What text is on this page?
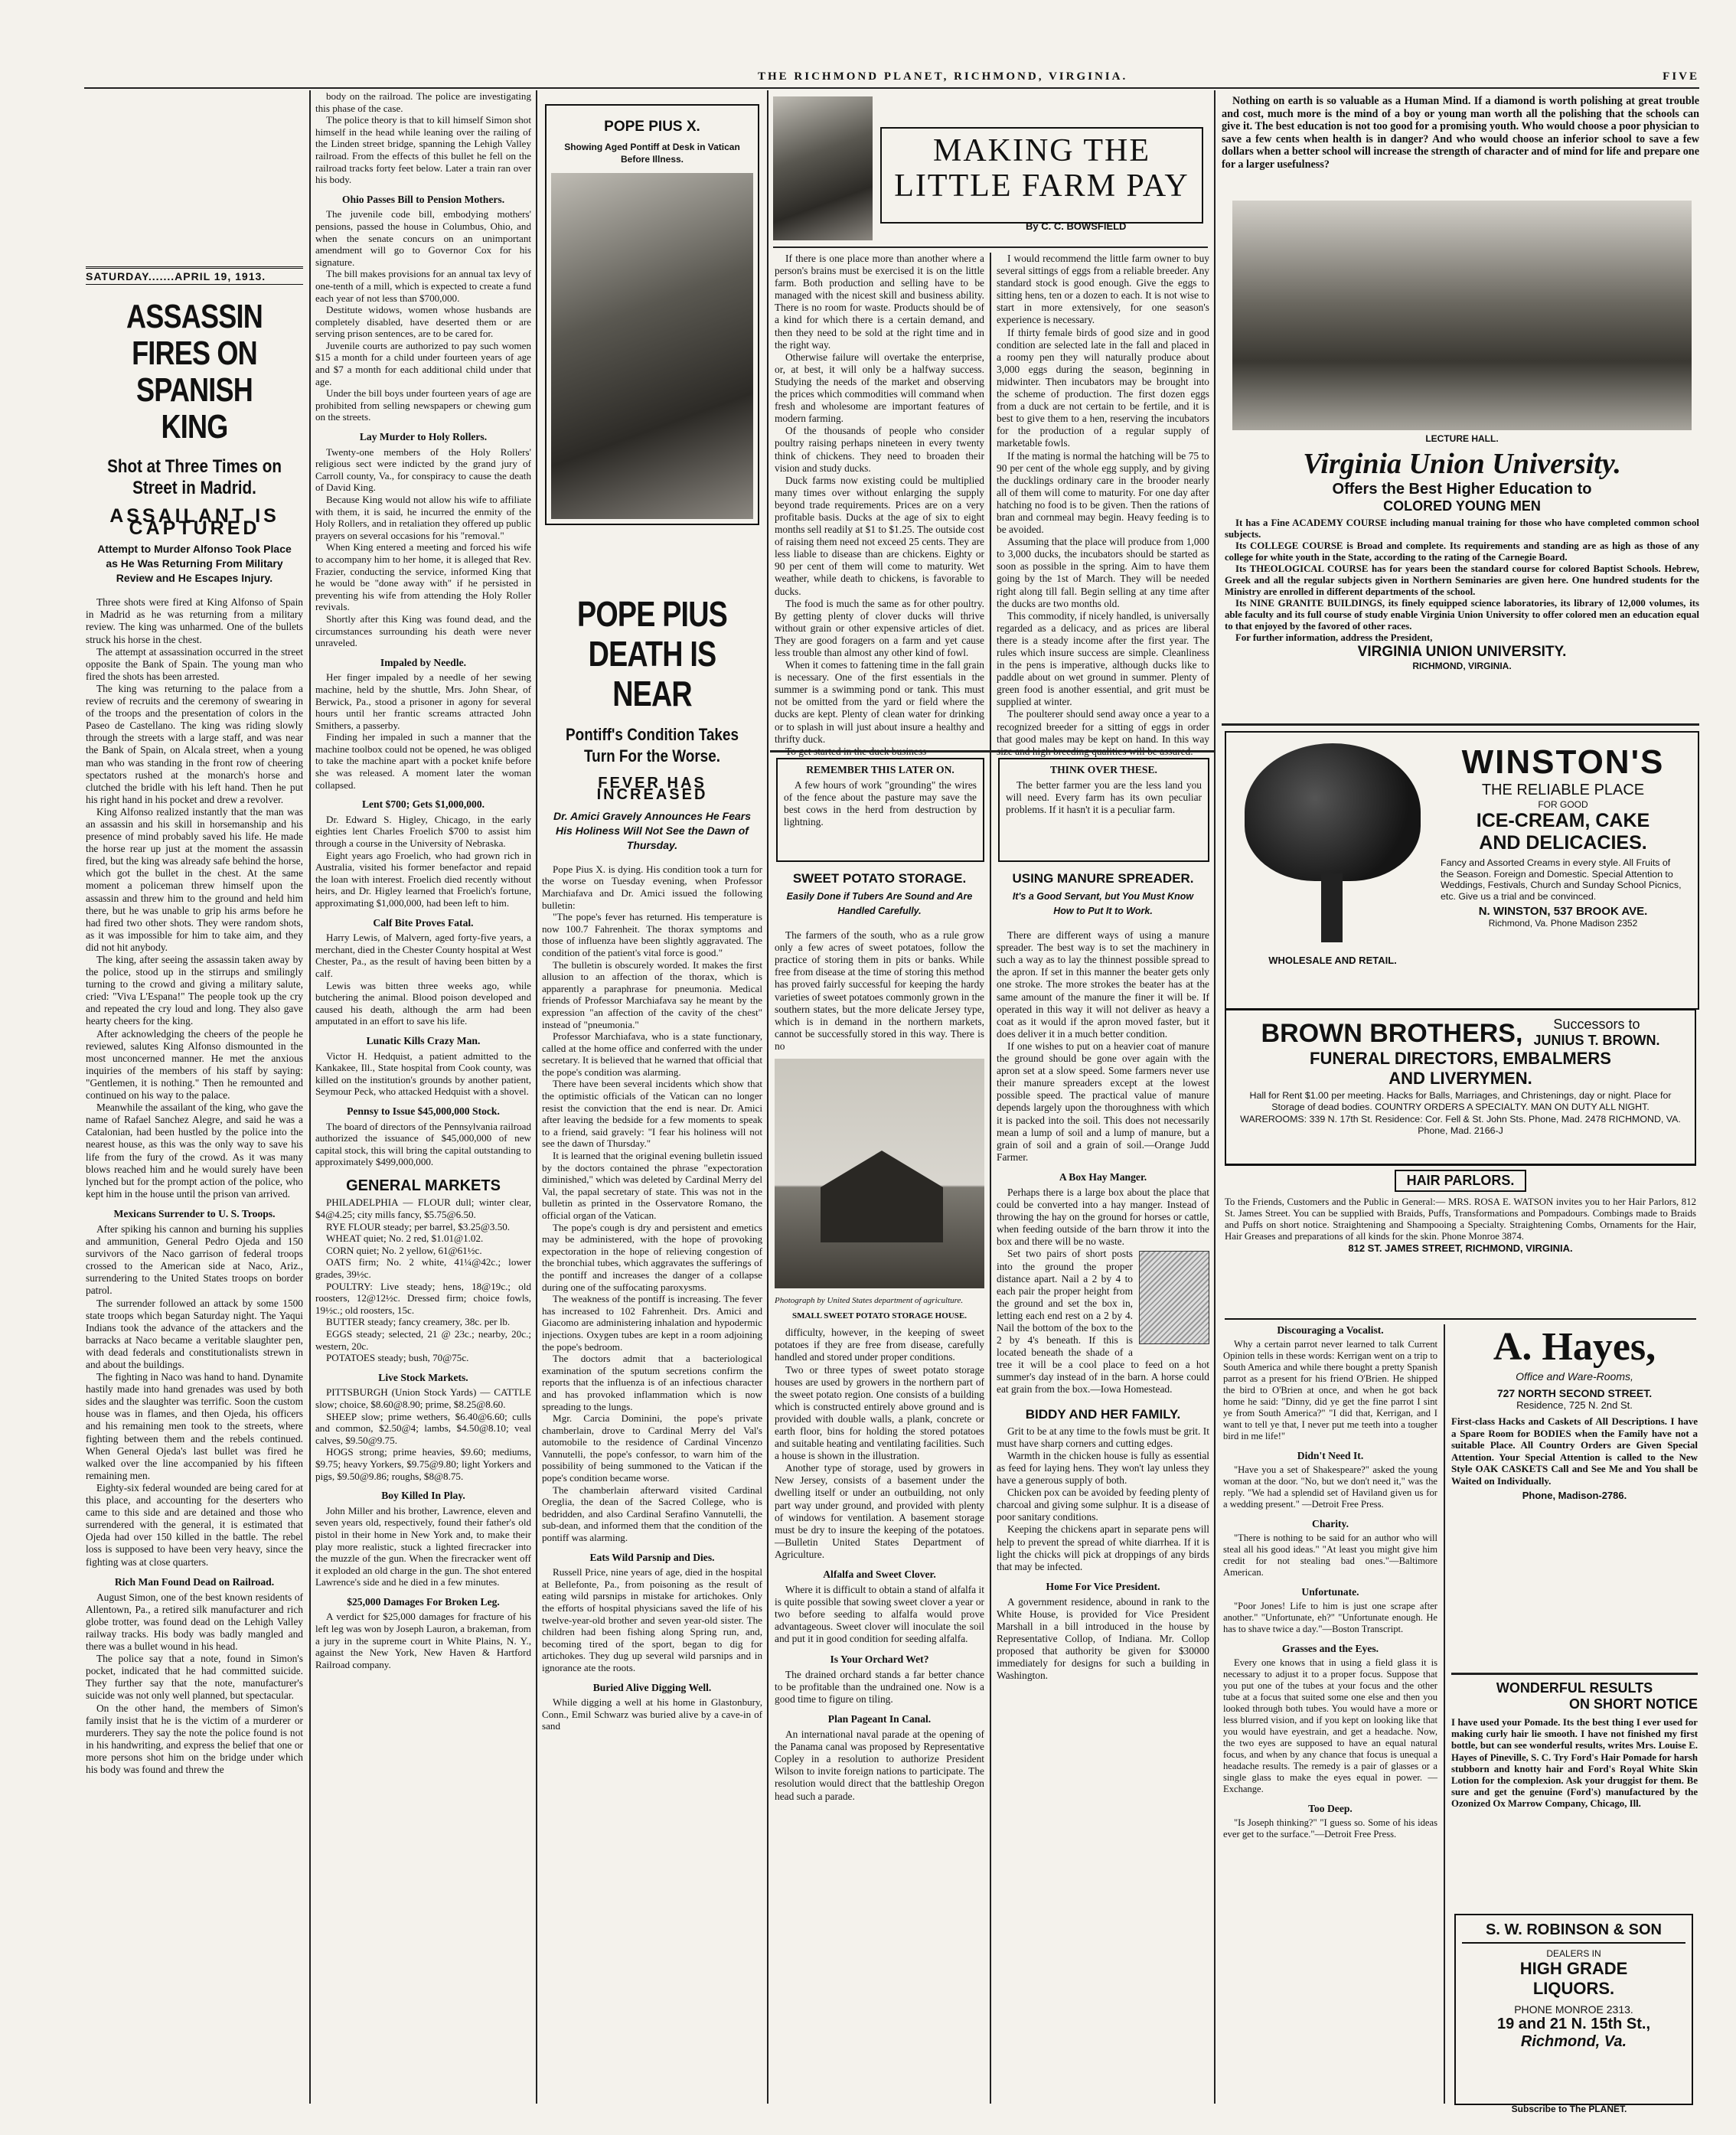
THE RICHMOND PLANET, RICHMOND, VIRGINIA.	FIVE
SATURDAY.......APRIL 19, 1913.
ASSASSIN FIRES ON SPANISH KING
Shot at Three Times on Street in Madrid.
ASSAILANT IS CAPTURED
Attempt to Murder Alfonso Took Place as He Was Returning From Military Review and He Escapes Injury.

Three shots were fired at King Alfonso of Spain in Madrid as he was returning from a military review. The king was unharmed. One of the bullets struck his horse in the chest.

The attempt at assassination occurred in the street opposite the Bank of Spain. The young man who fired the shots has been arrested.

The king was returning to the palace from a review of recruits and the ceremony of swearing in of the troops and the presentation of colors in the Paseo de Castellano. The king was riding slowly through the streets with a large staff, and was near the Bank of Spain, on Alcala street, when a young man who was standing in the front row of cheering spectators rushed at the monarch's horse and clutched the bridle with his left hand. Then he put his right hand in his pocket and drew a revolver.

King Alfonso realized instantly that the man was an assassin and his skill in horsemanship and his presence of mind probably saved his life. He made the horse rear up just at the moment the assassin fired, but the king was already safe behind the horse, which got the bullet in the chest. At the same moment a policeman threw himself upon the assassin and threw him to the ground and held him there, but he was unable to grip his arms before he had fired two other shots. They were random shots, as it was impossible for him to take aim, and they did not hit anybody.

The king, after seeing the assassin taken away by the police, stood up in the stirrups and smilingly turning to the crowd and giving a military salute, cried: "Viva L'Espana!" The people took up the cry and repeated the cry loud and long. They also gave hearty cheers for the king.

After acknowledging the cheers of the people he reviewed, salutes King Alfonso dismounted in the most unconcerned manner. He met the anxious inquiries of the members of his staff by saying: "Gentlemen, it is nothing." Then he remounted and continued on his way to the palace.

Meanwhile the assailant of the king, who gave the name of Rafael Sanchez Alegre, and said he was a Catalonian, had been hustled by the police into the nearest house, as this was the only way to save his life from the fury of the crowd. As it was many blows reached him and he would surely have been lynched but for the prompt action of the police, who kept him in the house until the prison van arrived.

Mexicans Surrender to U. S. Troops.

After spiking his cannon and burning his supplies and ammunition, General Pedro Ojeda and 150 survivors of the Naco garrison of federal troops crossed to the American side at Naco, Ariz., surrendering to the United States troops on border patrol.

The surrender followed an attack by some 1500 state troops which began Saturday night. The Yaqui Indians took the advance of the attackers and the barracks at Naco became a veritable slaughter pen, with dead federals and constitutionalists strewn in and about the buildings.

The fighting in Naco was hand to hand. Dynamite hastily made into hand grenades was used by both sides and the slaughter was terrific. Soon the custom house was in flames, and then Ojeda, his officers and his remaining men took to the streets, where fighting between them and the rebels continued. When General Ojeda's last bullet was fired he walked over the line accompanied by his fifteen remaining men.

Eighty-six federal wounded are being cared for at this place, and accounting for the deserters who came to this side and are detained and those who surrendered with the general, it is estimated that Ojeda had over 150 killed in the battle. The rebel loss is supposed to have been very heavy, since the fighting was at close quarters.

Rich Man Found Dead on Railroad.

August Simon, one of the best known residents of Allentown, Pa., a retired silk manufacturer and rich globe trotter, was found dead on the Lehigh Valley railway tracks. His body was badly mangled and there was a bullet wound in his head.

The police say that a note, found in Simon's pocket, indicated that he had committed suicide. They further say that the note, manufacturer's suicide was not only well planned, but spectacular.

On the other hand, the members of Simon's family insist that he is the victim of a murderer or murderers. They say the note the police found is not in his handwriting, and express the belief that one or more persons shot him on the bridge under which his body was found and threw the

body on the railroad. The police are investigating this phase of the case.

The police theory is that to kill himself Simon shot himself in the head while leaning over the railing of the Linden street bridge, spanning the Lehigh Valley railroad. From the effects of this bullet he fell on the railroad tracks forty feet below. Later a train ran over his body.

Ohio Passes Bill to Pension Mothers.

The juvenile code bill, embodying mothers' pensions, passed the house in Columbus, Ohio, and when the senate concurs on an unimportant amendment will go to Governor Cox for his signature.

The bill makes provisions for an annual tax levy of one-tenth of a mill, which is expected to create a fund each year of not less than $700,000.

Destitute widows, women whose husbands are completely disabled, have deserted them or are serving prison sentences, are to be cared for.

Juvenile courts are authorized to pay such women $15 a month for a child under fourteen years of age and $7 a month for each additional child under that age.

Under the bill boys under fourteen years of age are prohibited from selling newspapers or chewing gum on the streets.

Lay Murder to Holy Rollers.

Twenty-one members of the Holy Rollers' religious sect were indicted by the grand jury of Carroll county, Va., for conspiracy to cause the death of David King.

Because King would not allow his wife to affiliate with them, it is said, he incurred the enmity of the Holy Rollers, and in retaliation they offered up public prayers on several occasions for his "removal."

When King entered a meeting and forced his wife to accompany him to her home, it is alleged that Rev. Frazier, conducting the service, informed King that he would be "done away with" if he persisted in preventing his wife from attending the Holy Roller revivals.

Shortly after this King was found dead, and the circumstances surrounding his death were never unraveled.

Impaled by Needle.

Her finger impaled by a needle of her sewing machine, held by the shuttle, Mrs. John Shear, of Berwick, Pa., stood a prisoner in agony for several hours until her frantic screams attracted John Smithers, a passerby.

Finding her impaled in such a manner that the machine toolbox could not be opened, he was obliged to take the machine apart with a pocket knife before she was released. A moment later the woman collapsed.

Lent $700; Gets $1,000,000.

Dr. Edward S. Higley, Chicago, in the early eighties lent Charles Froelich $700 to assist him through a course in the University of Nebraska.

Eight years ago Froelich, who had grown rich in Australia, visited his former benefactor and repaid the loan with interest. Froelich died recently without heirs, and Dr. Higley learned that Froelich's fortune, approximating $1,000,000, had been left to him.

Calf Bite Proves Fatal.

Harry Lewis, of Malvern, aged forty-five years, a merchant, died in the Chester County hospital at West Chester, Pa., as the result of having been bitten by a calf.

Lewis was bitten three weeks ago, while butchering the animal. Blood poison developed and caused his death, although the arm had been amputated in an effort to save his life.

Lunatic Kills Crazy Man.

Victor H. Hedquist, a patient admitted to the Kankakee, Ill., State hospital from Cook county, was killed on the institution's grounds by another patient, Seymour Peck, who attacked Hedquist with a shovel.

Pennsy to Issue $45,000,000 Stock.

The board of directors of the Pennsylvania railroad authorized the issuance of $45,000,000 of new capital stock, this will bring the capital outstanding to approximately $499,000,000.

GENERAL MARKETS

PHILADELPHIA — FLOUR dull; winter clear, $4@4.25; city mills fancy, $5.75@6.50.

RYE FLOUR steady; per barrel, $3.25@3.50.

WHEAT quiet; No. 2 red, $1.01@1.02.

CORN quiet; No. 2 yellow, 61@61½c.

OATS firm; No. 2 white, 41¼@42c.; lower grades, 39½c.

POULTRY: Live steady; hens, 18@19c.; old roosters, 12@12½c. Dressed firm; choice fowls, 19½c.; old roosters, 15c.

BUTTER steady; fancy creamery, 38c. per lb.

EGGS steady; selected, 21 @ 23c.; nearby, 20c.; western, 20c.

POTATOES steady; bush, 70@75c.

Live Stock Markets.

PITTSBURGH (Union Stock Yards) — CATTLE slow; choice, $8.60@8.90; prime, $8.25@8.60.

SHEEP slow; prime wethers, $6.40@6.60; culls and common, $2.50@4; lambs, $4.50@8.10; veal calves, $9.50@9.75.

HOGS strong; prime heavies, $9.60; mediums, $9.75; heavy Yorkers, $9.75@9.80; light Yorkers and pigs, $9.50@9.86; roughs, $8@8.75.

Boy Killed In Play.

John Miller and his brother, Lawrence, eleven and seven years old, respectively, found their father's old pistol in their home in New York and, to make their play more realistic, stuck a lighted firecracker into the muzzle of the gun. When the firecracker went off it exploded an old charge in the gun. The shot entered Lawrence's side and he died in a few minutes.

$25,000 Damages For Broken Leg.

A verdict for $25,000 damages for fracture of his left leg was won by Joseph Lauron, a brakeman, from a jury in the supreme court in White Plains, N. Y., against the New York, New Haven & Hartford Railroad company.

POPE PIUS X.
Showing Aged Pontiff at Desk in Vatican Before Illness.
POPE PIUS DEATH IS NEAR
Pontiff's Condition Takes Turn For the Worse.
FEVER HAS INCREASED
Dr. Amici Gravely Announces He Fears His Holiness Will Not See the Dawn of Thursday.

Pope Pius X. is dying. His condition took a turn for the worse on Tuesday evening, when Professor Marchiafava and Dr. Amici issued the following bulletin:

"The pope's fever has returned. His temperature is now 100.7 Fahrenheit. The thorax symptoms and those of influenza have been slightly aggravated. The condition of the patient's vital force is good."

The bulletin is obscurely worded. It makes the first allusion to an affection of the thorax, which is apparently a paraphrase for pneumonia. Medical friends of Professor Marchiafava say he meant by the expression "an affection of the cavity of the chest" instead of "pneumonia."

Professor Marchiafava, who is a state functionary, called at the home office and conferred with the under secretary. It is believed that he warned that official that the pope's condition was alarming.

There have been several incidents which show that the optimistic officials of the Vatican can no longer resist the conviction that the end is near. Dr. Amici after leaving the bedside for a few moments to speak to a friend, said gravely: "I fear his holiness will not see the dawn of Thursday."

It is learned that the original evening bulletin issued by the doctors contained the phrase "expectoration diminished," which was deleted by Cardinal Merry del Val, the papal secretary of state. This was not in the bulletin as printed in the Osservatore Romano, the official organ of the Vatican.

The pope's cough is dry and persistent and emetics may be administered, with the hope of provoking expectoration in the hope of relieving congestion of the bronchial tubes, which aggravates the sufferings of the pontiff and increases the danger of a collapse during one of the suffocating paroxysms.

The weakness of the pontiff is increasing. The fever has increased to 102 Fahrenheit. Drs. Amici and Giacomo are administering inhalation and hypodermic injections. Oxygen tubes are kept in a room adjoining the pope's bedroom.

The doctors admit that a bacteriological examination of the sputum secretions confirm the reports that the influenza is of an infectious character and has provoked inflammation which is now spreading to the lungs.

Mgr. Carcia Dominini, the pope's private chamberlain, drove to Cardinal Merry del Val's automobile to the residence of Cardinal Vincenzo Vannutelli, the pope's confessor, to warn him of the possibility of being summoned to the Vatican if the pope's condition became worse.

The chamberlain afterward visited Cardinal Oreglia, the dean of the Sacred College, who is bedridden, and also Cardinal Serafino Vannutelli, the sub-dean, and informed them that the condition of the pontiff was alarming.

Eats Wild Parsnip and Dies.

Russell Price, nine years of age, died in the hospital at Bellefonte, Pa., from poisoning as the result of eating wild parsnips in mistake for artichokes. Only the efforts of hospital physicians saved the life of his twelve-year-old brother and seven year-old sister. The children had been fishing along Spring run, and, becoming tired of the sport, began to dig for artichokes. They dug up several wild parsnips and in ignorance ate the roots.

Buried Alive Digging Well.

While digging a well at his home in Glastonbury, Conn., Emil Schwarz was buried alive by a cave-in of sand

MAKING THE LITTLE FARM PAY
By C. C. BOWSFIELD

If there is one place more than another where a person's brains must be exercised it is on the little farm. Both production and selling have to be managed with the nicest skill and business ability. There is no room for waste. Products should be of a kind for which there is a certain demand, and then they need to be sold at the right time and in the right way.

Otherwise failure will overtake the enterprise, or, at best, it will only be a halfway success. Studying the needs of the market and observing the prices which commodities will command when fresh and wholesome are important features of modern farming.

Of the thousands of people who consider poultry raising perhaps nineteen in every twenty think of chickens. They need to broaden their vision and study ducks.

Duck farms now existing could be multiplied many times over without enlarging the supply beyond trade requirements. Prices are on a very profitable basis. Ducks at the age of six to eight months sell readily at $1 to $1.25. The outside cost of raising them need not exceed 25 cents. They are less liable to disease than are chickens. Eighty or 90 per cent of them will come to maturity. Wet weather, while death to chickens, is favorable to ducks.

The food is much the same as for other poultry. By getting plenty of clover ducks will thrive without grain or other expensive articles of diet. They are good foragers on a farm and yet cause less trouble than almost any other kind of fowl.

When it comes to fattening time in the fall grain is necessary. One of the first essentials in the summer is a swimming pond or tank. This must not be omitted from the yard or field where the ducks are kept. Plenty of clean water for drinking or to splash in will just about insure a healthy and thrifty duck.

I would recommend the little farm owner to buy several sittings of eggs from a reliable breeder. Any standard stock is good enough. Give the eggs to sitting hens, ten or a dozen to each. It is not wise to start in more extensively, for one season's experience is necessary.

If thirty female birds of good size and in good condition are selected late in the fall and placed in a roomy pen they will naturally produce about 3,000 eggs during the season, beginning in midwinter. Then incubators may be brought into the scheme of production. The first dozen eggs from a duck are not certain to be fertile, and it is best to give them to a hen, reserving the incubators for the production of a regular supply of marketable fowls.

If the mating is normal the hatching will be 75 to 90 per cent of the whole egg supply, and by giving the ducklings ordinary care in the brooder nearly all of them will come to maturity. For one day after hatching no food is to be given. Then the rations of bran and cornmeal may begin. Heavy feeding is to be avoided.

Assuming that the place will produce from 1,000 to 3,000 ducks, the incubators should be started as soon as possible in the spring. Aim to have them going by the 1st of March. They will be needed right along till fall. Begin selling at any time after the ducks are two months old.

This commodity, if nicely handled, is universally regarded as a delicacy, and as prices are liberal there is a steady income after the first year. The rules which insure success are simple. Cleanliness in the pens is imperative, although ducks like to paddle about on wet ground in summer. Plenty of green food is another essential, and grit must be supplied at winter.

The poulterer should send away once a year to a recognized breeder for a sitting of eggs in order that good males may be kept on hand. In this way

REMEMBER THIS LATER ON.

A few hours of work "grounding" the wires of the fence about the pasture may save the best cows in the herd from destruction by lightning.

THINK OVER THESE.

The better farmer you are the less land you will need. Every farm has its own peculiar problems. If it hasn't it is a peculiar farm.

SWEET POTATO STORAGE.
Easily Done if Tubers Are Sound and Are Handled Carefully.

The farmers of the south, who as a rule grow only a few acres of sweet potatoes, follow the practice of storing them in pits or banks. While free from disease at the time of storing this method has proved fairly successful for keeping the hardy varieties of sweet potatoes commonly grown in the southern states, but the more delicate Jersey type, which is in demand in the northern markets, cannot be successfully stored in this way. There is no

Photograph by United States department of agriculture.
SMALL SWEET POTATO STORAGE HOUSE.

difficulty, however, in the keeping of sweet potatoes if they are free from disease, carefully handled and stored under proper conditions.

Two or three types of sweet potato storage houses are used by growers in the northern part of the sweet potato region. One consists of a building which is constructed entirely above ground and is provided with double walls, a plank, concrete or earth floor, bins for holding the stored potatoes and suitable heating and ventilating facilities. Such a house is shown in the illustration.

Another type of storage, used by growers in New Jersey, consists of a basement under the dwelling itself or under an outbuilding, not only part way under ground, and provided with plenty of windows for ventilation. A basement storage must be dry to insure the keeping of the potatoes.—Bulletin United States Department of Agriculture.

Alfalfa and Sweet Clover.

Where it is difficult to obtain a stand of alfalfa it is quite possible that sowing sweet clover a year or two before seeding to alfalfa would prove advantageous. Sweet clover will inoculate the soil and put it in good condition for seeding alfalfa.

Is Your Orchard Wet?

The drained orchard stands a far better chance to be profitable than the undrained one. Now is a good time to figure on tiling.

Plan Pageant In Canal.

An international naval parade at the opening of the Panama canal was proposed by Representative Copley in a resolution to authorize President Wilson to invite foreign nations to participate. The resolution would direct that the battleship Oregon head such a parade.

USING MANURE SPREADER.
It's a Good Servant, but You Must Know How to Put It to Work.

There are different ways of using a manure spreader. The best way is to set the machinery in such a way as to lay the thinnest possible spread to the apron. If set in this manner the beater gets only one stroke. The more strokes the beater has at the same amount of the manure the finer it will be. If operated in this way it will not deliver as heavy a coat as it would if the apron moved faster, but it does deliver it in a much better condition.

If one wishes to put on a heavier coat of manure the ground should be gone over again with the apron set at a slow speed. Some farmers never use their manure spreaders except at the lowest possible speed. The practical value of manure depends largely upon the thoroughness with which it is packed into the soil. This does not necessarily mean a lump of soil and a lump of manure, but a grain of soil and a grain of soil.—Orange Judd Farmer.

A Box Hay Manger.

Perhaps there is a large box about the place that could be converted into a hay manger. Instead of throwing the hay on the ground for horses or cattle, when feeding outside of the barn throw it into the box and there will be no waste.

Set two pairs of short posts into the ground the proper distance apart. Nail a 2 by 4 to each pair the proper height from the ground and set the box in, letting each end rest on a 2 by 4. Nail the bottom of the box to the 2 by 4's beneath. If this is located beneath the shade of a tree it will be a cool place to feed on a hot summer's day instead of in the barn. A horse could eat grain from the box.—Iowa Homestead.

BIDDY AND HER FAMILY.

Grit to be at any time to the fowls must be grit. It must have sharp corners and cutting edges.

Warmth in the chicken house is fully as essential as feed for laying hens. They won't lay unless they have a generous supply of both.

Chicken pox can be avoided by feeding plenty of charcoal and giving some sulphur. It is a disease of poor sanitary conditions.

Keeping the chickens apart in separate pens will help to prevent the spread of white diarrhea. If it is light the chicks will pick at droppings of any birds that may be infected.

Home For Vice President.

A government residence, abound in rank to the White House, is provided for Vice President Marshall in a bill introduced in the house by Representative Collop, of Indiana. Mr. Collop proposed that authority be given for $30000 immediately for designs for such a building in Washington.

Nothing on earth is so valuable as a Human Mind. If a diamond is worth polishing at great trouble and cost, much more is the mind of a boy or young man worth all the polishing that the schools can give it. The best education is not too good for a promising youth. Who would choose a poor physician to save a few cents when health is in danger? And who would choose an inferior school to save a few dollars when a better school will increase the strength of character and of mind for life and prepare one for a larger usefulness?

LECTURE HALL.
Virginia Union University.
Offers the Best Higher Education to
COLORED YOUNG MEN

It has a Fine ACADEMY COURSE including manual training for those who have completed common school subjects.

Its COLLEGE COURSE is Broad and complete. Its requirements and standing are as high as those of any college for white youth in the State, according to the rating of the Carnegie Board.

Its THEOLOGICAL COURSE has for years been the standard course for colored Baptist Schools. Hebrew, Greek and all the regular subjects given in Northern Seminaries are given here. One hundred students for the Ministry are enrolled in different departments of the school.

Its NINE GRANITE BUILDINGS, its finely equipped science laboratories, its library of 12,000 volumes, its able faculty and its full course of study enable Virginia Union University to offer colored men an education equal to that enjoyed by the favored of other races.

For further information, address the President,

VIRGINIA UNION UNIVERSITY.
RICHMOND, VIRGINIA.
WHOLESALE AND RETAIL.
WINSTON'S
THE RELIABLE PLACE
FOR GOOD
ICE-CREAM, CAKE
AND DELICACIES.
Fancy and Assorted Creams in every style. All Fruits of the Season. Foreign and Domestic. Special Attention to Weddings, Festivals, Church and Sunday School Picnics, etc. Give us a trial and be convinced.
N. WINSTON, 537 BROOK AVE.
Richmond, Va. Phone Madison 2352
BROWN BROTHERS,	Successors to
JUNIUS T. BROWN.
FUNERAL DIRECTORS, EMBALMERS
AND LIVERYMEN.
Hall for Rent $1.00 per meeting. Hacks for Balls, Marriages, and Christenings, day or night. Place for Storage of dead bodies. COUNTRY ORDERS A SPECIALTY. MAN ON DUTY ALL NIGHT.
WAREROOMS: 339 N. 17th St. Residence: Cor. Fell & St. John Sts. Phone, Mad. 2478 RICHMOND, VA. Phone, Mad. 2166-J
HAIR PARLORS.
To the Friends, Customers and the Public in General:— MRS. ROSA E. WATSON invites you to her Hair Parlors, 812 St. James Street. You can be supplied with Braids, Puffs, Transformations and Pompadours. Combings made to Braids and Puffs on short notice. Straightening and Shampooing a Specialty. Straightening Combs, Ornaments for the Hair, Hair Greases and preparations of all kinds for the skin. Phone Monroe 3874.
812 ST. JAMES STREET, RICHMOND, VIRGINIA.
Discouraging a Vocalist.

Why a certain parrot never learned to talk Current Opinion tells in these words: Kerrigan went on a trip to South America and while there bought a pretty Spanish parrot as a present for his friend O'Brien. He shipped the bird to O'Brien at once, and when he got back home he said: "Dinny, did ye get the fine parrot I sint ye from South America?" "I did that, Kerrigan, and I want to tell ye that, I never put me teeth into a tougher bird in me life!"

Didn't Need It.

"Have you a set of Shakespeare?" asked the young woman at the door. "No, but we don't need it," was the reply. "We had a splendid set of Haviland given us for a wedding present." —Detroit Free Press.

Charity.

"There is nothing to be said for an author who will steal all his good ideas." "At least you might give him credit for not stealing bad ones."—Baltimore American.

Unfortunate.

"Poor Jones! Life to him is just one scrape after another." "Unfortunate, eh?" "Unfortunate enough. He has to shave twice a day."—Boston Transcript.

Grasses and the Eyes.

Every one knows that in using a field glass it is necessary to adjust it to a proper focus. Suppose that you put one of the tubes at your focus and the other tube at a focus that suited some one else and then you looked through both tubes. You would have a more or less blurred vision, and if you kept on looking like that you would have eyestrain, and get a headache. Now, the two eyes are supposed to have an equal natural focus, and when by any chance that focus is unequal a headache results. The remedy is a pair of glasses or a single glass to make the eyes equal in power. —Exchange.

Too Deep.

"Is Joseph thinking?" "I guess so. Some of his ideas ever get to the surface."—Detroit Free Press.

A. Hayes,
Office and Ware-Rooms,
727 NORTH SECOND STREET.
Residence, 725 N. 2nd St.
First-class Hacks and Caskets of All Descriptions. I have a Spare Room for BODIES when the Family have not a suitable Place. All Country Orders are Given Special Attention. Your Special Attention is called to the New Style OAK CASKETS Call and See Me and You shall be Waited on Individually.
Phone, Madison-2786.
WONDERFUL RESULTS
ON SHORT NOTICE
I have used your Pomade. Its the best thing I ever used for making curly hair lie smooth. I have not finished my first bottle, but can see wonderful results, writes Mrs. Louise E. Hayes of Pineville, S. C. Try Ford's Hair Pomade for harsh stubborn and knotty hair and Ford's Royal White Skin Lotion for the complexion. Ask your druggist for them. Be sure and get the genuine (Ford's) manufactured by the Ozonized Ox Marrow Company, Chicago, Ill.
S. W. ROBINSON & SON
DEALERS IN
HIGH GRADE
LIQUORS.
PHONE MONROE 2313.
19 and 21 N. 15th St.,
Richmond, Va.
Subscribe to The PLANET.
